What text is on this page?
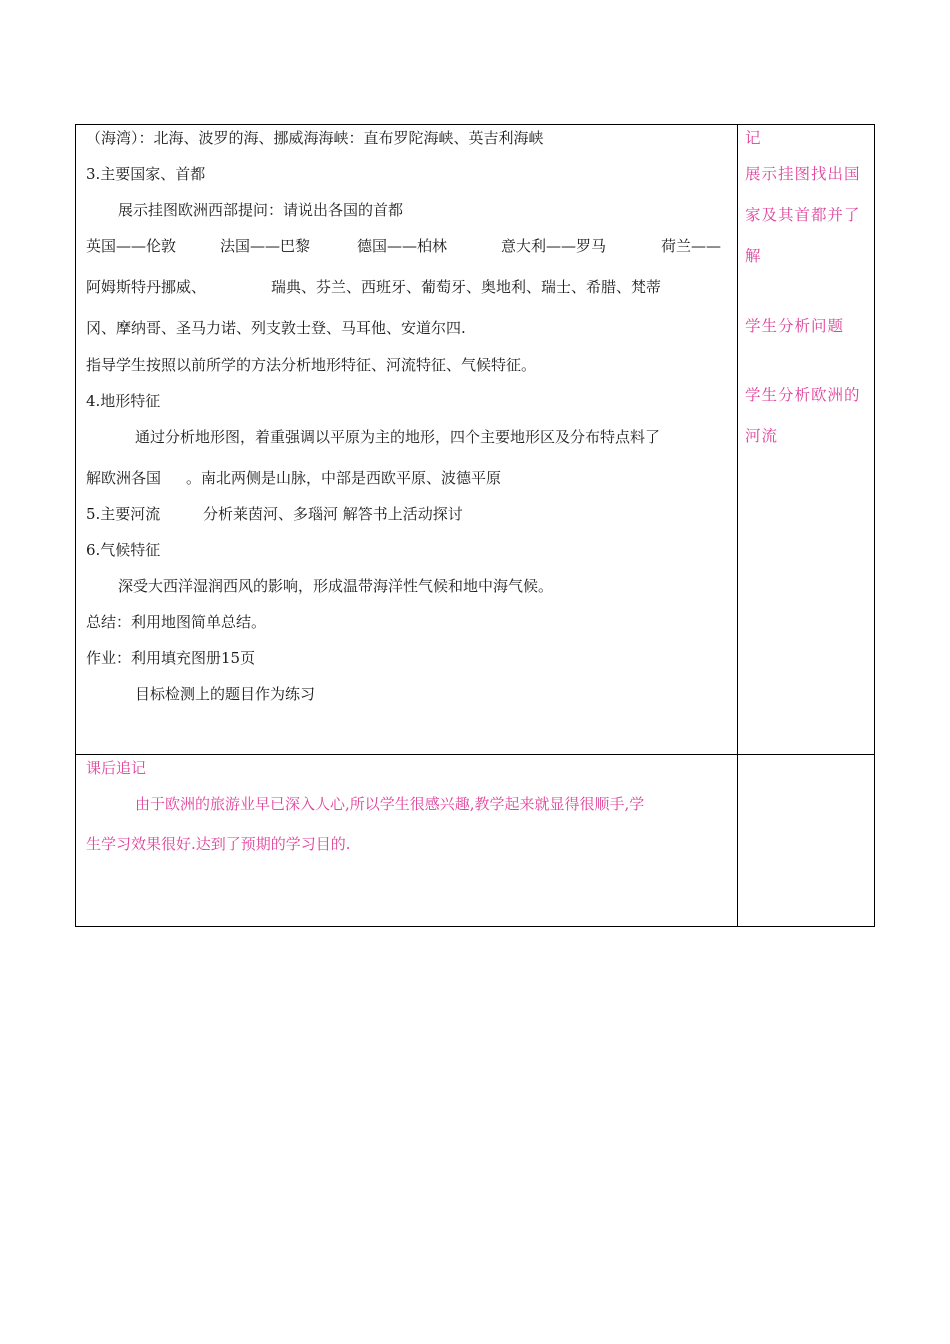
（海湾）：北海、波罗的海、挪威海海峡：直布罗陀海峡、英吉利海峡
3.主要国家、首都
展示挂图欧洲西部提问：请说出各国的首都
英国——伦敦	法国——巴黎	德国——柏林	意大利——罗马	荷兰——
阿姆斯特丹挪威、	瑞典、芬兰、西班牙、葡萄牙、奥地利、瑞士、希腊、梵蒂
冈、摩纳哥、圣马力诺、列支敦士登、马耳他、安道尔四.
指导学生按照以前所学的方法分析地形特征、河流特征、气候特征。
4.地形特征
通过分析地形图，着重强调以平原为主的地形，四个主要地形区及分布特点料了
解欧洲各国 。南北两侧是山脉，中部是西欧平原、波德平原
5.主要河流	分析莱茵河、多瑙河 解答书上活动探讨
6.气候特征
深受大西洋湿润西风的影响，形成温带海洋性气候和地中海气候。
总结：利用地图简单总结。
作业：利用填充图册15页
目标检测上的题目作为练习
记
展示挂图找出国
家及其首都并了
解
学生分析问题
学生分析欧洲的
河流
课后追记
由于欧洲的旅游业早已深入人心,所以学生很感兴趣,教学起来就显得很顺手,学
生学习效果很好.达到了预期的学习目的.
